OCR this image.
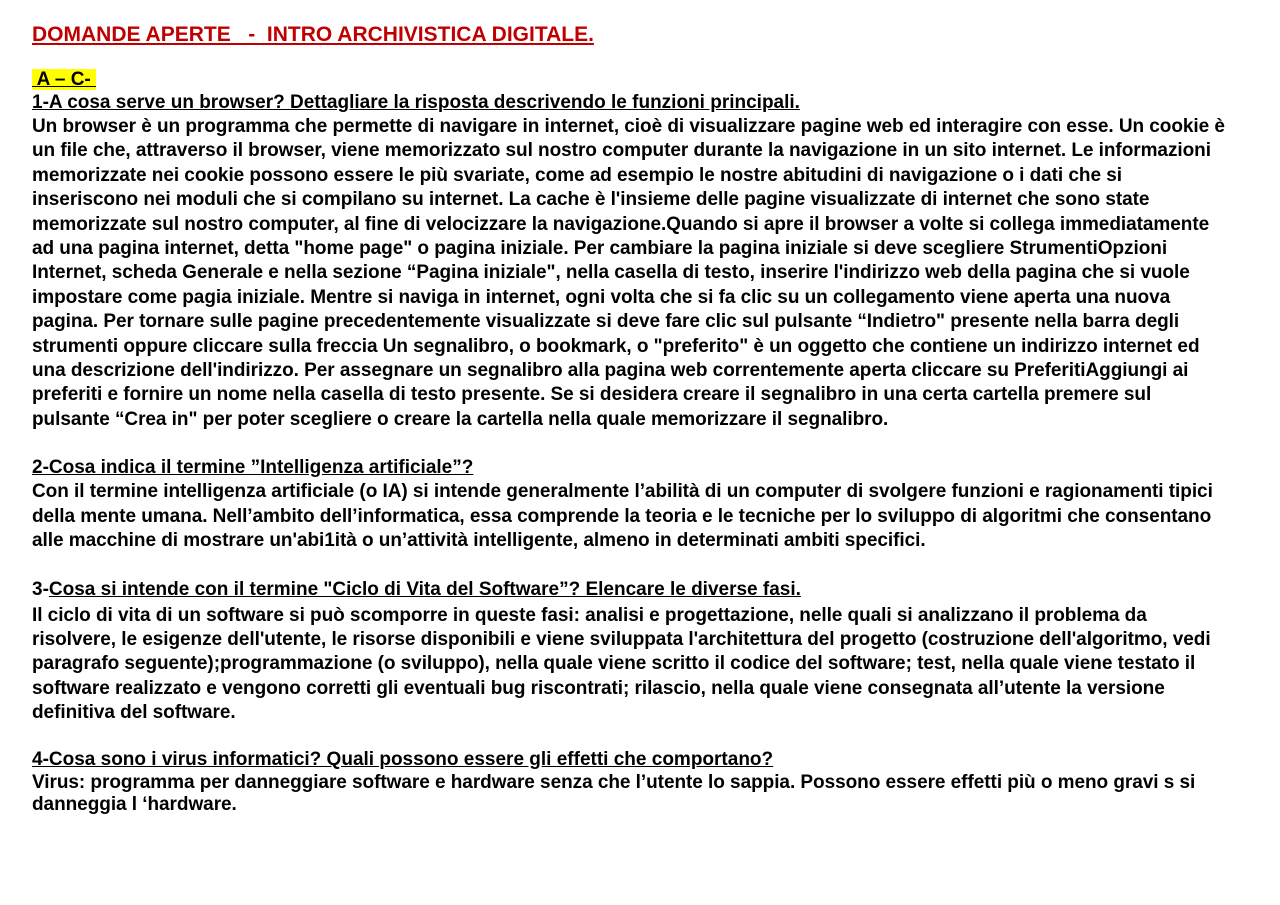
DOMANDE APERTE   -  INTRO ARCHIVISTICA DIGITALE.
A – C-

1-A cosa serve un browser? Dettagliare la risposta descrivendo le funzioni principali.

Un browser è un programma che permette di navigare in internet, cioè di visualizzare pagine web ed interagire con esse. Un cookie è un file che, attraverso il browser, viene memorizzato sul nostro computer durante la navigazione in un sito internet. Le informazioni memorizzate nei cookie possono essere le più svariate, come ad esempio le nostre abitudini di navigazione o i dati che si inseriscono nei moduli che si compilano su internet. La cache è l'insieme delle pagine visualizzate di internet che sono state memorizzate sul nostro computer, al fine di velocizzare la navigazione.Quando si apre il browser a volte si collega immediatamente ad una pagina internet, detta "home page" o pagina iniziale. Per cambiare la pagina iniziale si deve scegliere StrumentiOpzioni Internet, scheda Generale e nella sezione “Pagina iniziale", nella casella di testo, inserire l'indirizzo web della pagina che si vuole impostare come pagia iniziale. Mentre si naviga in internet, ogni volta che si fa clic su un collegamento viene aperta una nuova pagina. Per tornare sulle pagine precedentemente visualizzate si deve fare clic sul pulsante “Indietro" presente nella barra degli strumenti oppure cliccare sulla freccia Un segnalibro, o bookmark, o "preferito" è un oggetto che contiene un indirizzo internet ed una descrizione dell'indirizzo. Per assegnare un segnalibro alla pagina web correntemente aperta cliccare su PreferitiAggiungi ai preferiti e fornire un nome nella casella di testo presente. Se si desidera creare il segnalibro in una certa cartella premere sul pulsante “Crea in" per poter scegliere o creare la cartella nella quale memorizzare il segnalibro.

2-Cosa indica il termine ”Intelligenza artificiale”?

Con il termine intelligenza artificiale (o IA) si intende generalmente l’abilità di un computer di svolgere funzioni e ragionamenti tipici della mente umana. Nell’ambito dell’informatica, essa comprende la teoria e le tecniche per lo sviluppo di algoritmi che consentano alle macchine di mostrare un'abi1ità o un’attività intelligente, almeno in determinati ambiti specifici.

3-Cosa si intende con il termine "Ciclo di Vita del Software”? Elencare le diverse fasi.

Il ciclo di vita di un software si può scomporre in queste fasi: analisi e progettazione, nelle quali si analizzano il problema da risolvere, le esigenze dell'utente, le risorse disponibili e viene sviluppata l'architettura del progetto (costruzione dell'algoritmo, vedi paragrafo seguente);programmazione (o sviluppo), nella quale viene scritto il codice del software; test, nella quale viene testato il software realizzato e vengono corretti gli eventuali bug riscontrati; rilascio, nella quale viene consegnata all’utente la versione definitiva del software.

4-Cosa sono i virus informatici? Quali possono essere gli effetti che comportano?

Virus: programma per danneggiare software e hardware senza che l’utente lo sappia. Possono essere effetti più o meno gravi s si danneggia l ‘hardware.
